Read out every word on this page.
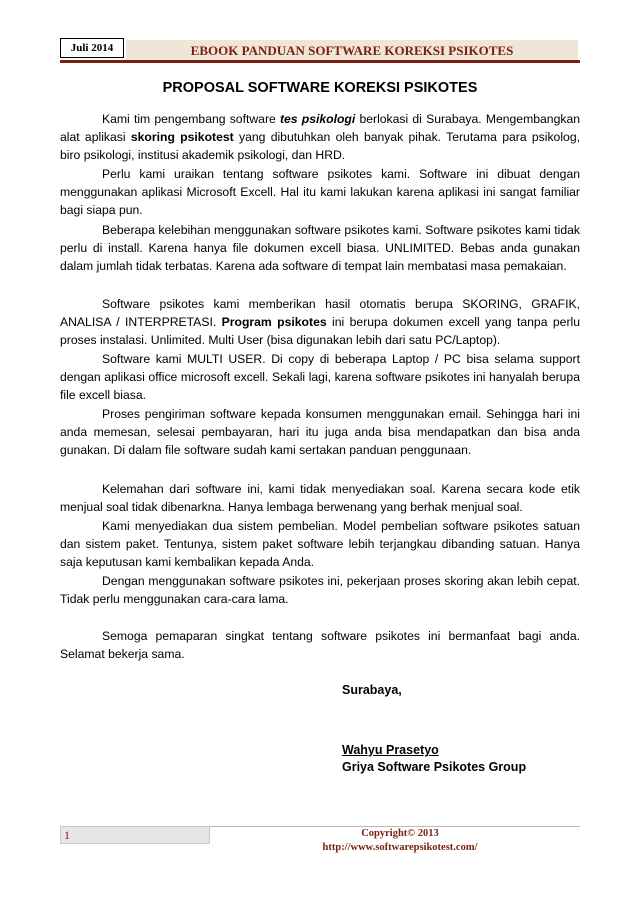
EBOOK PANDUAN SOFTWARE KOREKSI PSIKOTES
Juli 2014
PROPOSAL SOFTWARE KOREKSI PSIKOTES

Kami tim pengembang software tes psikologi berlokasi di Surabaya. Mengembangkan alat aplikasi skoring psikotest yang dibutuhkan oleh banyak pihak. Terutama para psikolog, biro psikologi, institusi akademik psikologi, dan HRD.

Perlu kami uraikan tentang software psikotes kami. Software ini dibuat dengan menggunakan aplikasi Microsoft Excell. Hal itu kami lakukan karena aplikasi ini sangat familiar bagi siapa pun.

Beberapa kelebihan menggunakan software psikotes kami. Software psikotes kami tidak perlu di install. Karena hanya file dokumen excell biasa. UNLIMITED. Bebas anda gunakan dalam jumlah tidak terbatas. Karena ada software di tempat lain membatasi masa pemakaian.

Software psikotes kami memberikan hasil otomatis berupa SKORING, GRAFIK, ANALISA / INTERPRETASI. Program psikotes ini berupa dokumen excell yang tanpa perlu proses instalasi. Unlimited. Multi User (bisa digunakan lebih dari satu PC/Laptop).

Software kami MULTI USER. Di copy di beberapa Laptop / PC bisa selama support dengan aplikasi office microsoft excell. Sekali lagi, karena software psikotes ini hanyalah berupa file excell biasa.

Proses pengiriman software kepada konsumen menggunakan email. Sehingga hari ini anda memesan, selesai pembayaran, hari itu juga anda bisa mendapatkan dan bisa anda gunakan. Di dalam file software sudah kami sertakan panduan penggunaan.

Kelemahan dari software ini, kami tidak menyediakan soal. Karena secara kode etik menjual soal tidak dibenarkna. Hanya lembaga berwenang yang berhak menjual soal.

Kami menyediakan dua sistem pembelian. Model pembelian software psikotes satuan dan sistem paket. Tentunya, sistem paket software lebih terjangkau dibanding satuan. Hanya saja keputusan kami kembalikan kepada Anda.

Dengan menggunakan software psikotes ini, pekerjaan proses skoring akan lebih cepat. Tidak perlu menggunakan cara-cara lama.

Semoga pemaparan singkat tentang software psikotes ini bermanfaat bagi anda. Selamat bekerja sama.

Surabaya,
Wahyu Prasetyo
Griya Software Psikotes Group
1	Copyright© 2013
http://www.softwarepsikotest.com/
